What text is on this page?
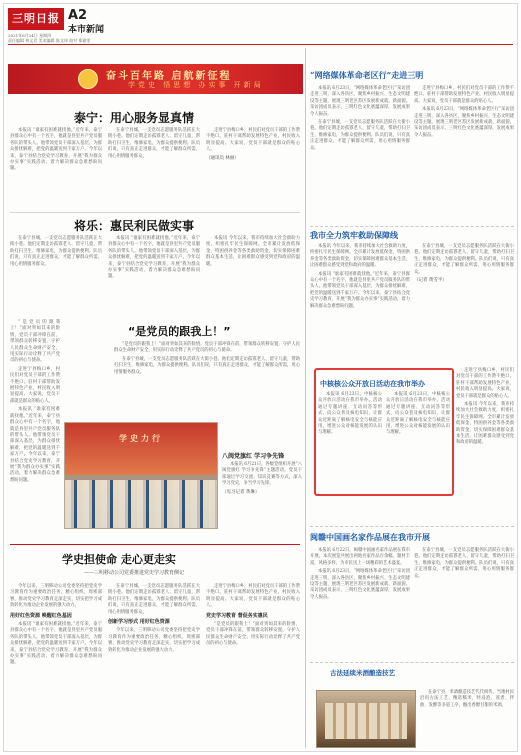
三明日报 A2
本市新闻
2021年6月24日 星期四
责任编辑 林文君 美术编辑 陈文炜 校对 郑雅雯
奋斗百年路 启航新征程
学党史 悟思想 办实事 开新局
泰宁：用心服务显真情

本报讯 “谁家有困难就找他。”近年来，泰宁县群众心中有一个名字，他就是县里共产党员服务队的带头人。他带领党员干部深入基层，为群众排忧解难，把党的温暖送到千家万户。今年以来，泰宁县结合党史学习教育，开展“我为群众办实事”实践活动，着力解决群众急难愁盼问题。

在泰宁县城，一支党员志愿服务队活跃在大街小巷。他们定期走访孤寡老人、留守儿童，帮助打扫卫生、维修家电，为群众提供便利。队员们说，只有真正走进群众，才能了解群众所需，用心用情服务群众。

走进宁县梅口乡，村民们对党员干部的工作赞不绝口。驻村干部帮助发展特色产业，村民收入明显提高。大家说，党员干部就是群众的贴心人。

（通讯员 林丽）

将乐：惠民利民做实事

在泰宁县城，一支党员志愿服务队活跃在大街小巷。他们定期走访孤寡老人、留守儿童，帮助打扫卫生、维修家电，为群众提供便利。队员们说，只有真正走进群众，才能了解群众所需，用心用情服务群众。

本报讯 “谁家有困难就找他。”近年来，泰宁县群众心中有一个名字，他就是县里共产党员服务队的带头人。他带领党员干部深入基层，为群众排忧解难，把党的温暖送到千家万户。今年以来，泰宁县结合党史学习教育，开展“我为群众办实事”实践活动，着力解决群众急难愁盼问题。

本报讯 今年以来，我市持续加大社会救助力度，织密扎牢民生保障网。全市累计发放低保金、特困供养金等各类救助资金，切实保障困难群众基本生活，让困难群众感受到党和政府的温暖。

“是党员的跟我上！”

“是党员的跟我上！”面对突如其来的险情，党员干部冲锋在前，带领群众转移安置，守护人民群众生命财产安全，用实际行动诠释了共产党员的初心与使命。

走进宁县梅口乡，村民们对党员干部的工作赞不绝口。驻村干部帮助发展特色产业，村民收入明显提高。大家说，党员干部就是群众的贴心人。

本报讯 “谁家有困难就找他。”近年来，泰宁县群众心中有一个名字，他就是县里共产党员服务队的带头人。他带领党员干部深入基层，为群众排忧解难，把党的温暖送到千家万户。今年以来，泰宁县结合党史学习教育，开展“我为群众办实事”实践活动，着力解决群众急难愁盼问题。

“是党员的跟我上！”面对突如其来的险情，党员干部冲锋在前，带领群众转移安置，守护人民群众生命财产安全，用实际行动诠释了共产党员的初心与使命。

在泰宁县城，一支党员志愿服务队活跃在大街小巷。他们定期走访孤寡老人、留守儿童，帮助打扫卫生、维修家电，为群众提供便利。队员们说，只有真正走进群众，才能了解群众所需，用心用情服务群众。

学史力行
八闽党旗红 学习争先锋

本报讯 6月21日，各级党组织开展“八闽党旗红 学习争先锋”主题活动，党员干部通过学习交流、知识竞赛等方式，深入学习党史，争当学习先锋。

（见习记者 黄琳）

学史担使命 走心更走实
——三明移动公司党委推进党史学习教育侧记

今年以来，三明移动公司党委坚持把党史学习教育作为重要政治任务，精心组织，周密部署，推动党史学习教育走深走实，切实把学习成效转化为推动企业发展的强大动力。

用好红色资源 唤醒红色基因

本报讯 “谁家有困难就找他。”近年来，泰宁县群众心中有一个名字，他就是县里共产党员服务队的带头人。他带领党员干部深入基层，为群众排忧解难，把党的温暖送到千家万户。今年以来，泰宁县结合党史学习教育，开展“我为群众办实事”实践活动，着力解决群众急难愁盼问题。

在泰宁县城，一支党员志愿服务队活跃在大街小巷。他们定期走访孤寡老人、留守儿童，帮助打扫卫生、维修家电，为群众提供便利。队员们说，只有真正走进群众，才能了解群众所需，用心用情服务群众。

创新学习形式 用好红色资源

今年以来，三明移动公司党委坚持把党史学习教育作为重要政治任务，精心组织，周密部署，推动党史学习教育走深走实，切实把学习成效转化为推动企业发展的强大动力。

走进宁县梅口乡，村民们对党员干部的工作赞不绝口。驻村干部帮助发展特色产业，村民收入明显提高。大家说，党员干部就是群众的贴心人。

党史学习教育 督促务实惠民

“是党员的跟我上！”面对突如其来的险情，党员干部冲锋在前，带领群众转移安置，守护人民群众生命财产安全，用实际行动诠释了共产党员的初心与使命。

“网络媒体革命老区行”走进三明

本报讯 6月23日，“网络媒体革命老区行”采访团走进三明，深入各县区，聚焦乡村振兴、生态文明建设等主题，展现三明老区苏区发展新成就、新面貌。采访团成员表示，三明红色文化底蕴深厚，发展成果令人振奋。

在泰宁县城，一支党员志愿服务队活跃在大街小巷。他们定期走访孤寡老人、留守儿童，帮助打扫卫生、维修家电，为群众提供便利。队员们说，只有真正走进群众，才能了解群众所需，用心用情服务群众。

走进宁县梅口乡，村民们对党员干部的工作赞不绝口。驻村干部帮助发展特色产业，村民收入明显提高。大家说，党员干部就是群众的贴心人。

本报讯 6月23日，“网络媒体革命老区行”采访团走进三明，深入各县区，聚焦乡村振兴、生态文明建设等主题，展现三明老区苏区发展新成就、新面貌。采访团成员表示，三明红色文化底蕴深厚，发展成果令人振奋。

我市全力筑牢救助保障线

本报讯 今年以来，我市持续加大社会救助力度，织密扎牢民生保障网。全市累计发放低保金、特困供养金等各类救助资金，切实保障困难群众基本生活，让困难群众感受到党和政府的温暖。

本报讯 “谁家有困难就找他。”近年来，泰宁县群众心中有一个名字，他就是县里共产党员服务队的带头人。他带领党员干部深入基层，为群众排忧解难，把党的温暖送到千家万户。今年以来，泰宁县结合党史学习教育，开展“我为群众办实事”实践活动，着力解决群众急难愁盼问题。

在泰宁县城，一支党员志愿服务队活跃在大街小巷。他们定期走访孤寡老人、留守儿童，帮助打扫卫生、维修家电，为群众提供便利。队员们说，只有真正走进群众，才能了解群众所需，用心用情服务群众。

（记者 黄雪平）

中核核公众开放日活动在我市举办

本报讯 6月23日，中核核公众开放日活动在我市举办。活动通过专题讲座、互动问答等形式，向公众普及核电知识，让群众近距离了解核电安全与核能应用，增进公众对核能发展的认识与理解。

本报讯 6月23日，中核核公众开放日活动在我市举办。活动通过专题讲座、互动问答等形式，向公众普及核电知识，让群众近距离了解核电安全与核能应用，增进公众对核能发展的认识与理解。

走进宁县梅口乡，村民们对党员干部的工作赞不绝口。驻村干部帮助发展特色产业，村民收入明显提高。大家说，党员干部就是群众的贴心人。

本报讯 今年以来，我市持续加大社会救助力度，织密扎牢民生保障网。全市累计发放低保金、特困供养金等各类救助资金，切实保障困难群众基本生活，让困难群众感受到党和政府的温暖。

闽赣中国画名家作品展在我市开展

本报讯 6月22日，闽赣中国画名家作品展在我市开展。本次展览共展出两地名家作品百余幅，题材丰富，风格多样，为市民送上一场精彩的艺术盛宴。

本报讯 6月23日，“网络媒体革命老区行”采访团走进三明，深入各县区，聚焦乡村振兴、生态文明建设等主题，展现三明老区苏区发展新成就、新面貌。采访团成员表示，三明红色文化底蕴深厚，发展成果令人振奋。

在泰宁县城，一支党员志愿服务队活跃在大街小巷。他们定期走访孤寡老人、留守儿童，帮助打扫卫生、维修家电，为群众提供便利。队员们说，只有真正走进群众，才能了解群众所需，用心用情服务群众。

古法延续米酒酿造技艺

在泰宁县，米酒酿造技艺代代相传。当地村民沿用古法工艺，精选糯米，经浸泡、蒸煮、拌曲、发酵等多道工序，酿出香醇甘甜的米酒。
